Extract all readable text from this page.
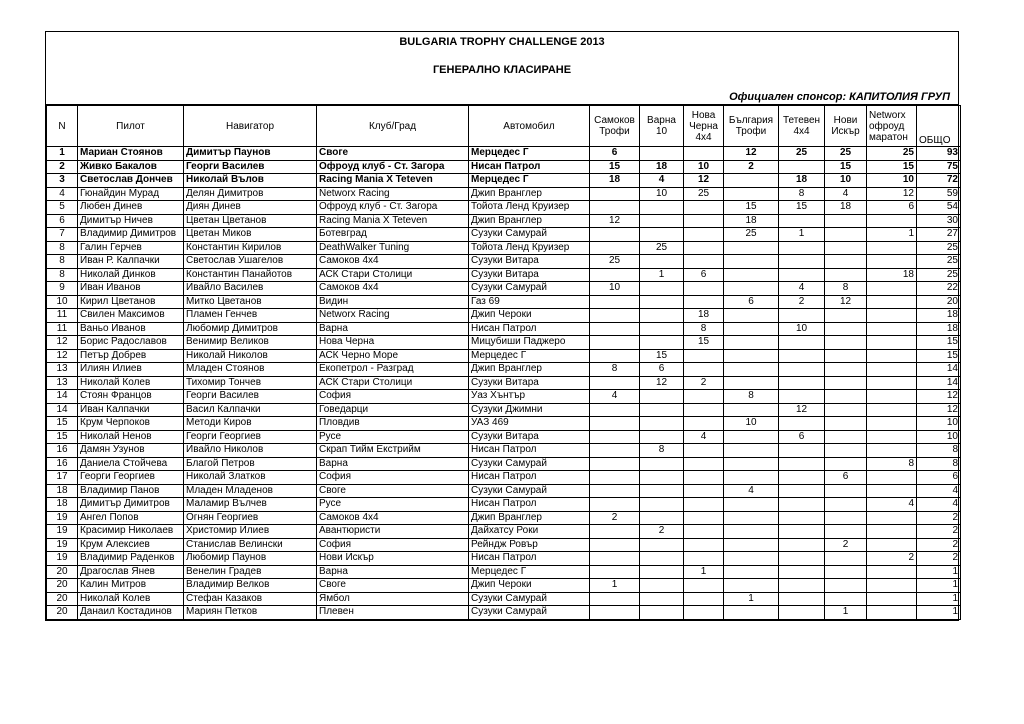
BULGARIA TROPHY CHALLENGE 2013
ГЕНЕРАЛНО КЛАСИРАНЕ
Официален спонсор: КАПИТОЛИЯ ГРУП
N	Пилот	Навигатор	Клуб/Град	Автомобил	Самоков Трофи	Варна 10	Нова Черна 4x4	България Трофи	Тетевен 4x4	Нови Искър	Networx офроуд маратон	ОБЩО
1	Мариан Стоянов	Димитър Паунов	Своге	Мерцедес Г	6			12	25	25	25	93
2	Живко Бакалов	Георги Василев	Офроуд клуб - Ст. Загора	Нисан Патрол	15	18	10	2		15	15	75
3	Светослав Дончев	Николай Вълов	Racing Mania X Teteven	Мерцедес Г	18	4	12		18	10	10	72
4	Гюнайдин Мурад	Делян Димитров	Networx Racing	Джип Вранглер		10	25		8	4	12	59
5	Любен Динев	Диян Динев	Офроуд клуб - Ст. Загора	Тойота Ленд Круизер				15	15	18	6	54
6	Димитър Ничев	Цветан Цветанов	Racing Mania X Teteven	Джип Вранглер	12			18				30
7	Владимир Димитров	Цветан Миков	Ботевград	Сузуки Самурай				25	1		1	27
8	Галин Герчев	Константин Кирилов	DeathWalker Tuning	Тойота Ленд Круизер		25						25
8	Иван Р. Калпачки	Светослав Ушагелов	Самоков 4x4	Сузуки Витара	25							25
8	Николай Динков	Константин Панайотов	АСК Стари Столици	Сузуки Витара		1	6				18	25
9	Иван Иванов	Ивайло Василев	Самоков 4x4	Сузуки Самурай	10				4	8		22
10	Кирил Цветанов	Митко Цветанов	Видин	Газ 69				6	2	12		20
11	Свилен Максимов	Пламен Генчев	Networx Racing	Джип Чероки			18					18
11	Ваньо Иванов	Любомир Димитров	Варна	Нисан Патрол			8		10			18
12	Борис Радославов	Венимир Великов	Нова Черна	Мицубиши Паджеро			15					15
12	Петър Добрев	Николай Николов	АСК Черно Море	Мерцедес Г		15						15
13	Илиян Илиев	Младен Стоянов	Екопетрол - Разград	Джип Вранглер	8	6						14
13	Николай Колев	Тихомир Тончев	АСК Стари Столици	Сузуки Витара		12	2					14
14	Стоян Францов	Георги Василев	София	Уаз Хънтър	4			8				12
14	Иван Калпачки	Васил Калпачки	Говедарци	Сузуки Джимни					12			12
15	Крум Черпоков	Методи Киров	Пловдив	УАЗ 469				10				10
15	Николай Ненов	Георги Георгиев	Русе	Сузуки Витара			4		6			10
16	Дамян Узунов	Ивайло Николов	Скрап Тийм Екстрийм	Нисан Патрол		8						8
16	Даниела Стойчева	Благой Петров	Варна	Сузуки Самурай							8	8
17	Георги Георгиев	Николай Златков	София	Нисан Патрол						6		6
18	Владимир Панов	Младен Младенов	Своге	Сузуки Самурай				4				4
18	Димитър Димитров	Маламир Вълчев	Русе	Нисан Патрол							4	4
19	Ангел Попов	Огнян Георгиев	Самоков 4x4	Джип Вранглер	2							2
19	Красимир Николаев	Христомир Илиев	Авантюристи	Дайхатсу Роки		2						2
19	Крум Алексиев	Станислав Велински	София	Рейндж Ровър						2		2
19	Владимир Раденков	Любомир Паунов	Нови Искър	Нисан Патрол							2	2
20	Драгослав Янев	Венелин Градев	Варна	Мерцедес Г			1					1
20	Калин Митров	Владимир Велков	Своге	Джип Чероки	1							1
20	Николай Колев	Стефан Казаков	Ямбол	Сузуки Самурай				1				1
20	Данаил Костадинов	Мариян Петков	Плевен	Сузуки Самурай						1		1
